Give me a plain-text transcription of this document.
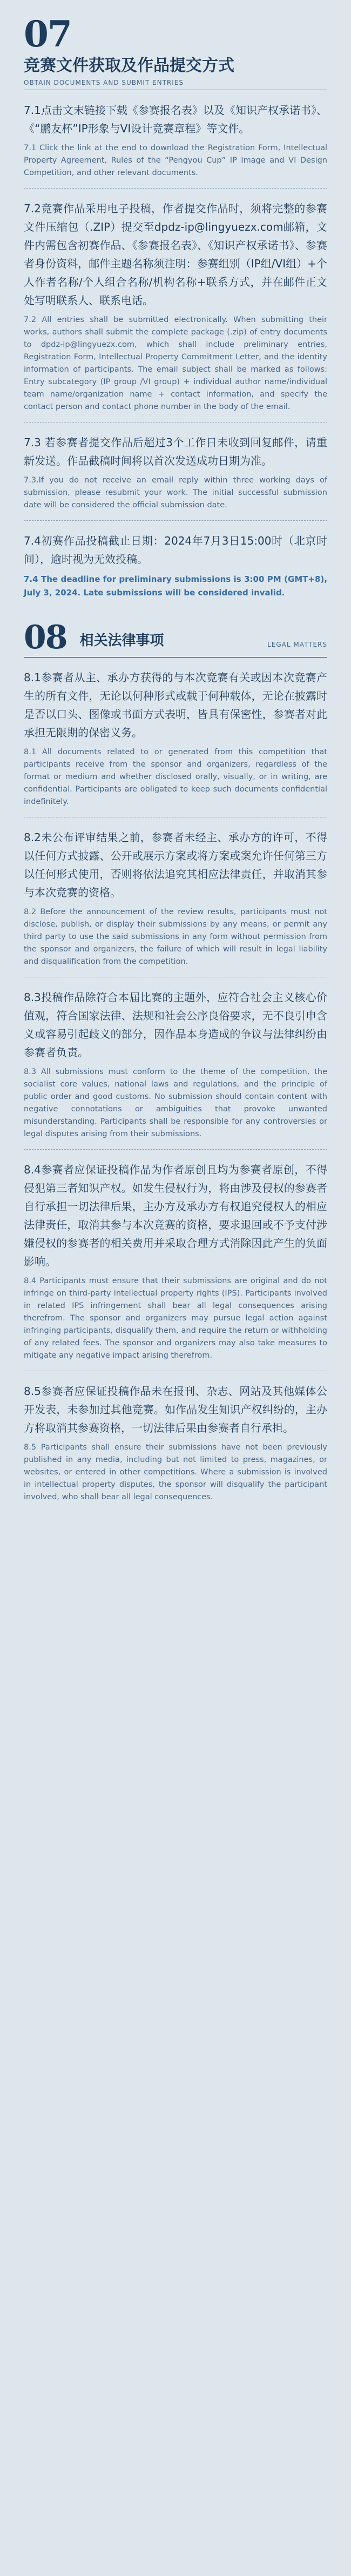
07
竞赛文件获取及作品提交方式
OBTAIN DOCUMENTS AND SUBMIT ENTRIES
7.1点击文末链接下载《参赛报名表》以及《知识产权承诺书》、《“鹏友杯”IP形象与VI设计竞赛章程》等文件。
7.1 Click the link at the end to download the Registration Form, Intellectual Property Agreement, Rules of the “Pengyou Cup” IP Image and VI Design Competition, and other relevant documents.
7.2竞赛作品采用电子投稿，作者提交作品时，须将完整的参赛文件压缩包（.ZIP）提交至dpdz-ip@lingyuezx.com邮箱，文件内需包含初赛作品、《参赛报名表》、《知识产权承诺书》、参赛者身份资料，邮件主题名称须注明：参赛组别（IP组/VI组）+个人作者名称/个人组合名称/机构名称+联系方式，并在邮件正文处写明联系人、联系电话。
7.2 All entries shall be submitted electronically. When submitting their works, authors shall submit the complete package (.zip) of entry documents to dpdz-ip@lingyuezx.com, which shall include preliminary entries, Registration Form, Intellectual Property Commitment Letter, and the identity information of participants. The email subject shall be marked as follows: Entry subcategory (IP group /VI group) + individual author name/individual team name/organization name + contact information, and specify the contact person and contact phone number in the body of the email.
7.3 若参赛者提交作品后超过3个工作日未收到回复邮件，请重新发送。作品截稿时间将以首次发送成功日期为准。
7.3.If you do not receive an email reply within three working days of submission, please resubmit your work. The initial successful submission date will be considered the official submission date.
7.4初赛作品投稿截止日期：2024年7月3日15:00时（北京时间），逾时视为无效投稿。
7.4 The deadline for preliminary submissions is 3:00 PM (GMT+8), July 3, 2024. Late submissions will be considered invalid.
08 相关法律事项	LEGAL MATTERS
8.1参赛者从主、承办方获得的与本次竞赛有关或因本次竞赛产生的所有文件，无论以何种形式或载于何种载体，无论在披露时是否以口头、图像或书面方式表明，皆具有保密性，参赛者对此承担无限期的保密义务。
8.1 All documents related to or generated from this competition that participants receive from the sponsor and organizers, regardless of the format or medium and whether disclosed orally, visually, or in writing, are confidential. Participants are obligated to keep such documents confidential indefinitely.
8.2未公布评审结果之前，参赛者未经主、承办方的许可，不得以任何方式披露、公开或展示方案或将方案或案允许任何第三方以任何形式使用，否则将依法追究其相应法律责任，并取消其参与本次竞赛的资格。
8.2 Before the announcement of the review results, participants must not disclose, publish, or display their submissions by any means, or permit any third party to use the said submissions in any form without permission from the sponsor and organizers, the failure of which will result in legal liability and disqualification from the competition.
8.3投稿作品除符合本届比赛的主题外，应符合社会主义核心价值观，符合国家法律、法规和社会公序良俗要求，无不良引申含义或容易引起歧义的部分，因作品本身造成的争议与法律纠纷由参赛者负责。
8.3 All submissions must conform to the theme of the competition, the socialist core values, national laws and regulations, and the principle of public order and good customs. No submission should contain content with negative connotations or ambiguities that provoke unwanted misunderstanding. Participants shall be responsible for any controversies or legal disputes arising from their submissions.
8.4参赛者应保证投稿作品为作者原创且均为参赛者原创，不得侵犯第三者知识产权。如发生侵权行为，将由涉及侵权的参赛者自行承担一切法律后果，主办方及承办方有权追究侵权人的相应法律责任，取消其参与本次竞赛的资格，要求退回或不予支付涉嫌侵权的参赛者的相关费用并采取合理方式消除因此产生的负面影响。
8.4 Participants must ensure that their submissions are original and do not infringe on third-party intellectual property rights (IPS). Participants involved in related IPS infringement shall bear all legal consequences arising therefrom. The sponsor and organizers may pursue legal action against infringing participants, disqualify them, and require the return or withholding of any related fees. The sponsor and organizers may also take measures to mitigate any negative impact arising therefrom.
8.5参赛者应保证投稿作品未在报刊、杂志、网站及其他媒体公开发表，未参加过其他竞赛。如作品发生知识产权纠纷的，主办方将取消其参赛资格，一切法律后果由参赛者自行承担。
8.5 Participants shall ensure their submissions have not been previously published in any media, including but not limited to press, magazines, or websites, or entered in other competitions. Where a submission is involved in intellectual property disputes, the sponsor will disqualify the participant involved, who shall bear all legal consequences.
